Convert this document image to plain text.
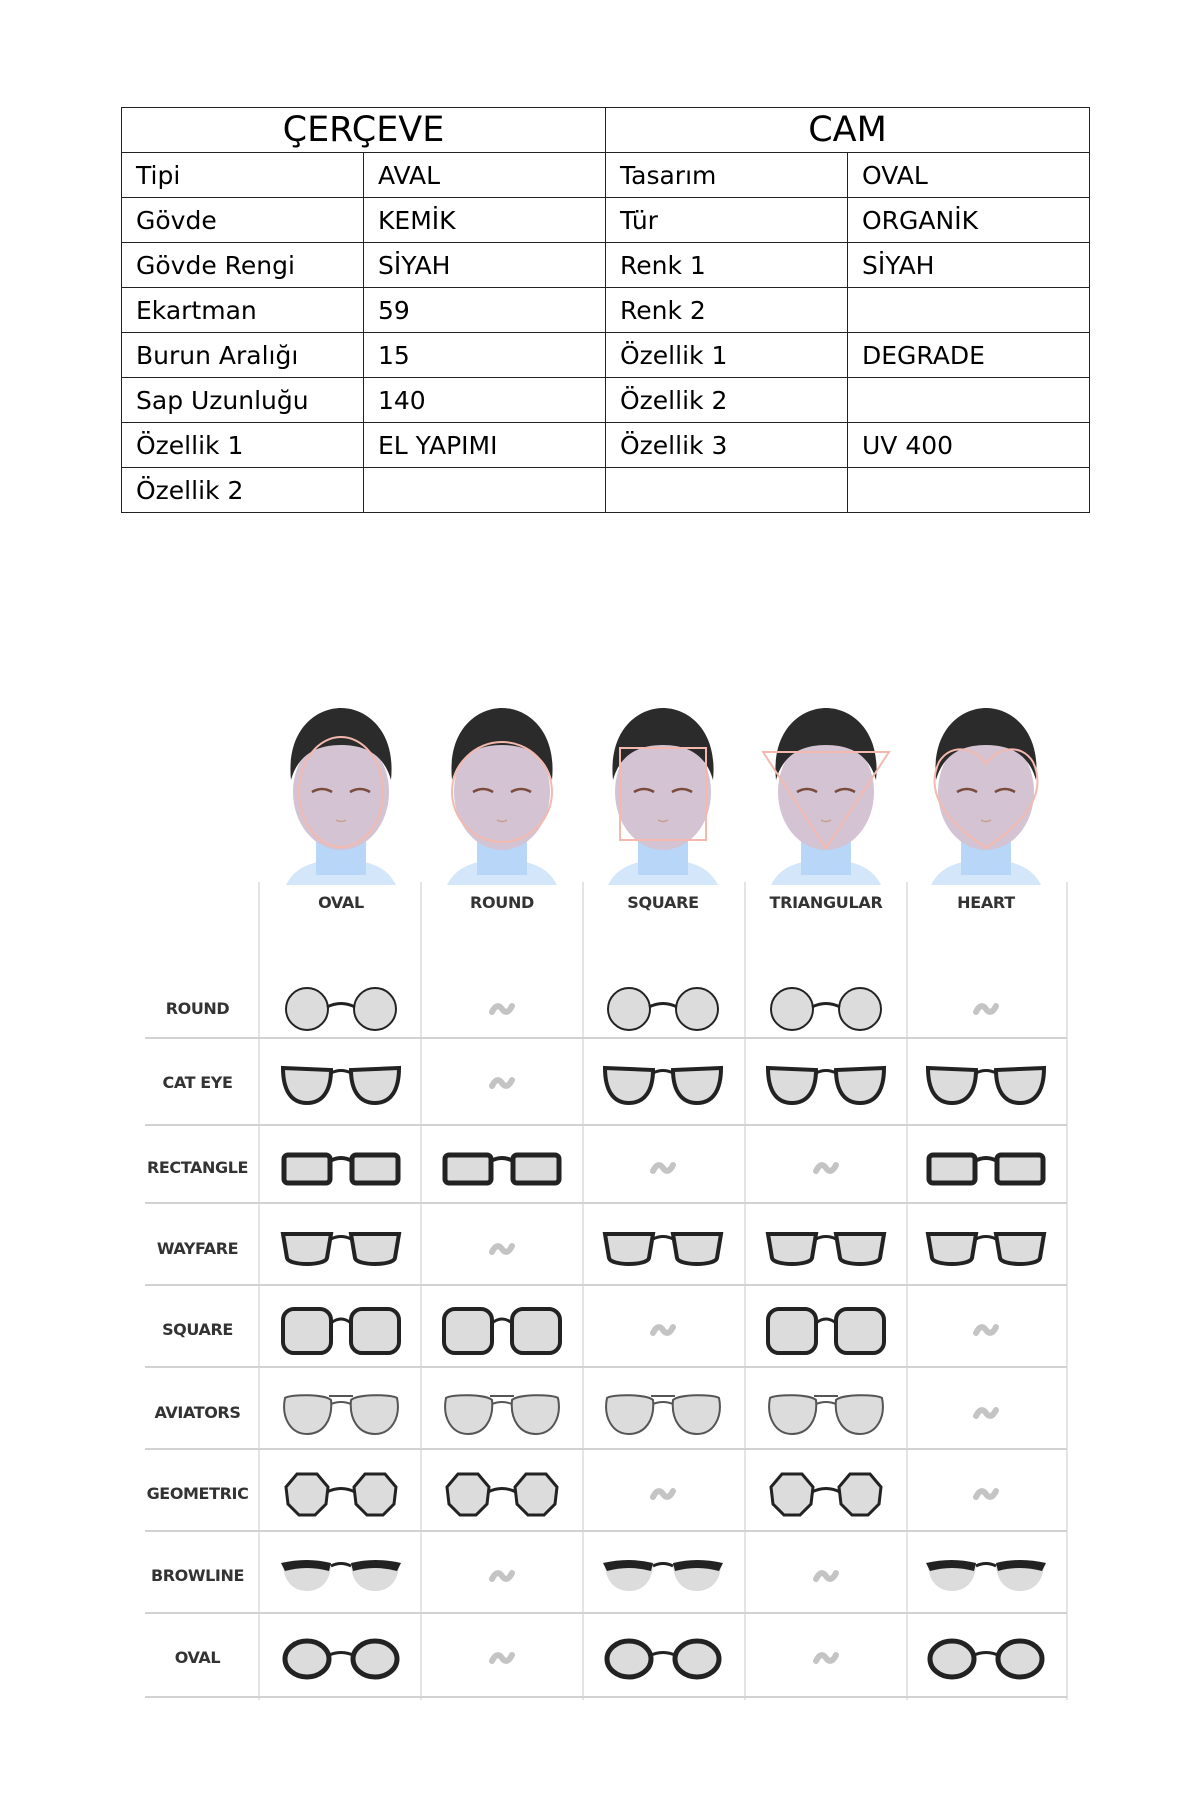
ÇERÇEVE		CAM	
Tipi	AVAL	Tasarım	OVAL
Gövde	KEMİK	Tür	ORGANİK
Gövde Rengi	SİYAH	Renk 1	SİYAH
Ekartman	59	Renk 2	
Burun Aralığı	15	Özellik 1	DEGRADE
Sap Uzunluğu	140	Özellik 2	
Özellik 1	EL YAPIMI	Özellik 3	UV 400
Özellik 2			
OVAL	ROUND	SQUARE	TRIANGULAR	HEART
ROUND
CAT EYE
RECTANGLE
WAYFARE
SQUARE
AVIATORS
GEOMETRIC
BROWLINE
OVAL
